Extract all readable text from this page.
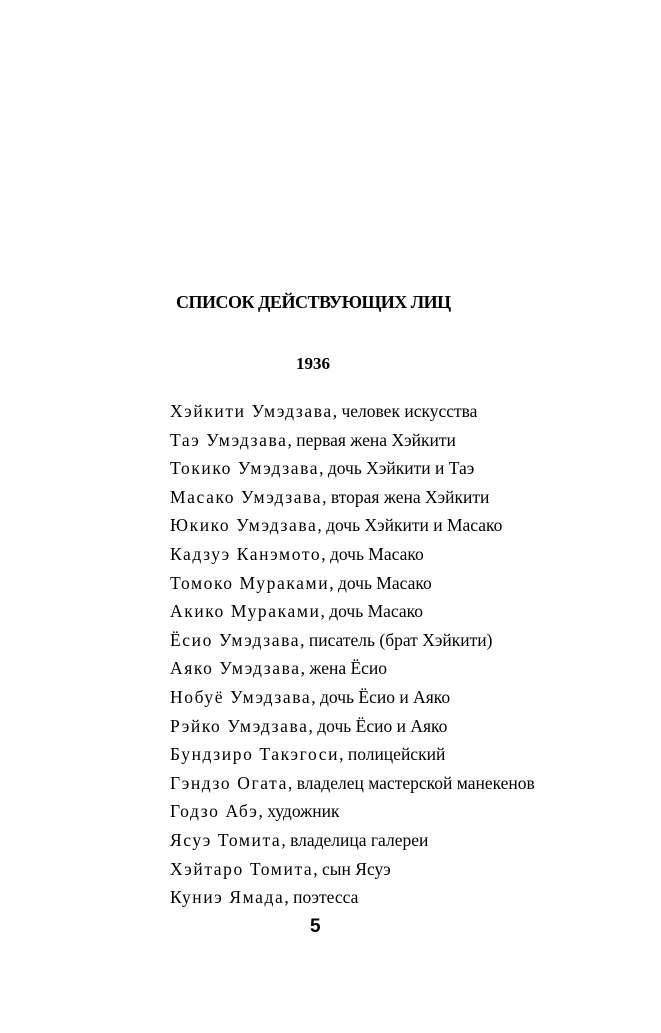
СПИСОК ДЕЙСТВУЮЩИХ ЛИЦ
1936
Хэйкити Умэдзава, человек искусства
Таэ Умэдзава, первая жена Хэйкити
Токико Умэдзава, дочь Хэйкити и Таэ
Масако Умэдзава, вторая жена Хэйкити
Юкико Умэдзава, дочь Хэйкити и Масако
Кадзуэ Канэмото, дочь Масако
Томоко Мураками, дочь Масако
Акико Мураками, дочь Масако
Ёсио Умэдзава, писатель (брат Хэйкити)
Аяко Умэдзава, жена Ёсио
Нобуё Умэдзава, дочь Ёсио и Аяко
Рэйко Умэдзава, дочь Ёсио и Аяко
Бундзиро Такэгоси, полицейский
Гэндзо Огата, владелец мастерской манекенов
Годзо Абэ, художник
Ясуэ Томита, владелица галереи
Хэйтаро Томита, сын Ясуэ
Куниэ Ямада, поэтесса
5
